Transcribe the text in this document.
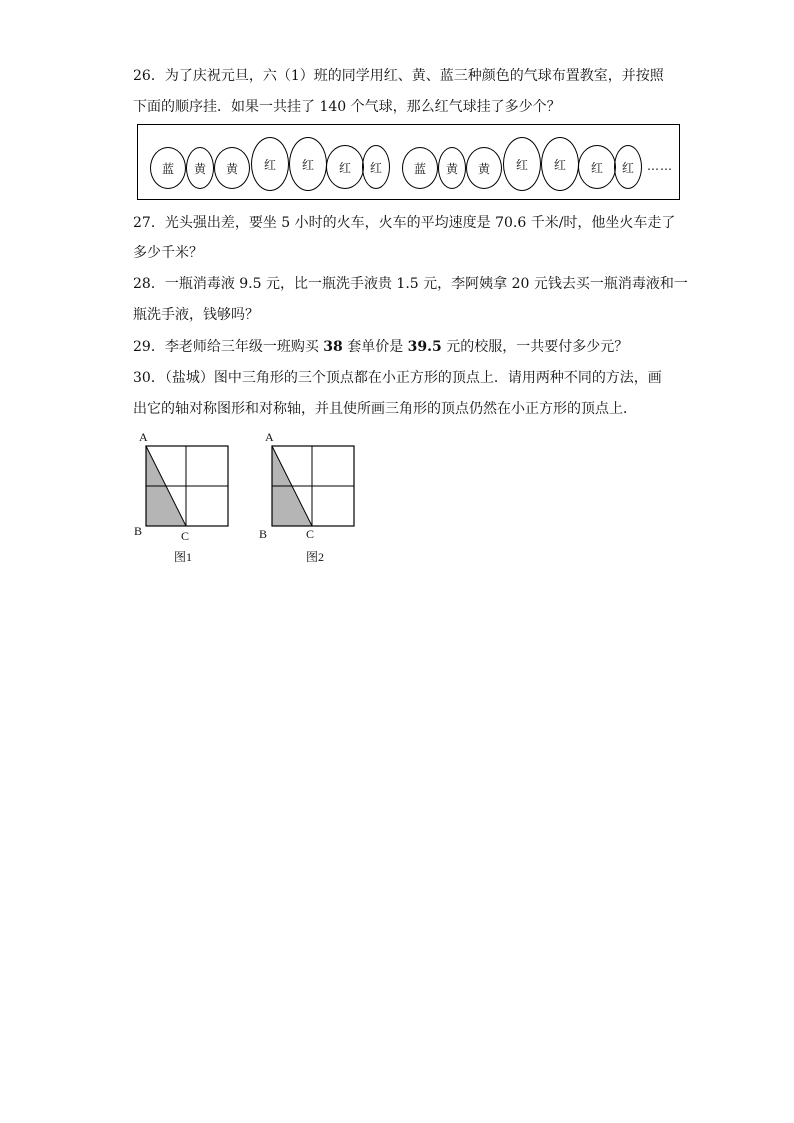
26．为了庆祝元旦，六（1）班的同学用红、黄、蓝三种颜色的气球布置教室，并按照
下面的顺序挂．如果一共挂了 140 个气球，那么红气球挂了多少个？
蓝	黄	黄	红	红	红	红	蓝	黄	黄	红	红	红	红	……
27．光头强出差，要坐 5 小时的火车，火车的平均速度是 70.6 千米/时，他坐火车走了
多少千米？
28．一瓶消毒液 9.5 元，比一瓶洗手液贵 1.5 元，李阿姨拿 20 元钱去买一瓶消毒液和一
瓶洗手液，钱够吗？
29．李老师给三年级一班购买 38 套单价是 39.5 元的校服，一共要付多少元？
30．（盐城）图中三角形的三个顶点都在小正方形的顶点上．请用两种不同的方法，画
出它的轴对称图形和对称轴，并且使所画三角形的顶点仍然在小正方形的顶点上．
A
B	C
图1
A
B	C
图2
